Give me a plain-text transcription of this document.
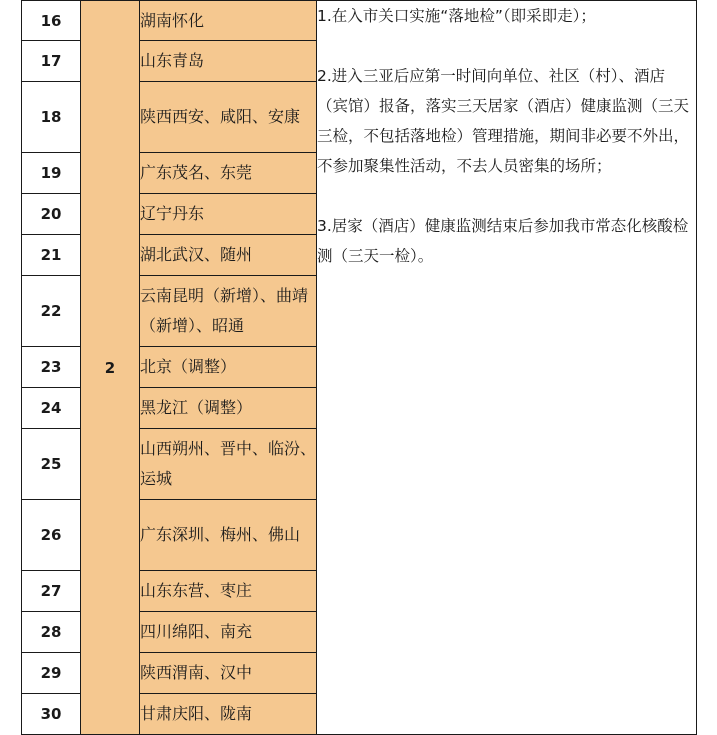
16	2	湖南怀化	1.在入市关口实施“落地检”（即采即走）；

2.进入三亚后应第一时间向单位、社区（村）、酒店（宾馆）报备，落实三天居家（酒店）健康监测（三天三检，不包括落地检）管理措施，期间非必要不外出，不参加聚集性活动，不去人员密集的场所；

3.居家（酒店）健康监测结束后参加我市常态化核酸检测（三天一检）。

17		山东青岛	
18		陕西西安、咸阳、安康	
19		广东茂名、东莞	
20		辽宁丹东	
21		湖北武汉、随州	
22		云南昆明（新增）、曲靖（新增）、昭通	
23		北京（调整）	
24		黑龙江（调整）	
25		山西朔州、晋中、临汾、运城	
26		广东深圳、梅州、佛山	
27		山东东营、枣庄	
28		四川绵阳、南充	
29		陕西渭南、汉中	
30		甘肃庆阳、陇南	
